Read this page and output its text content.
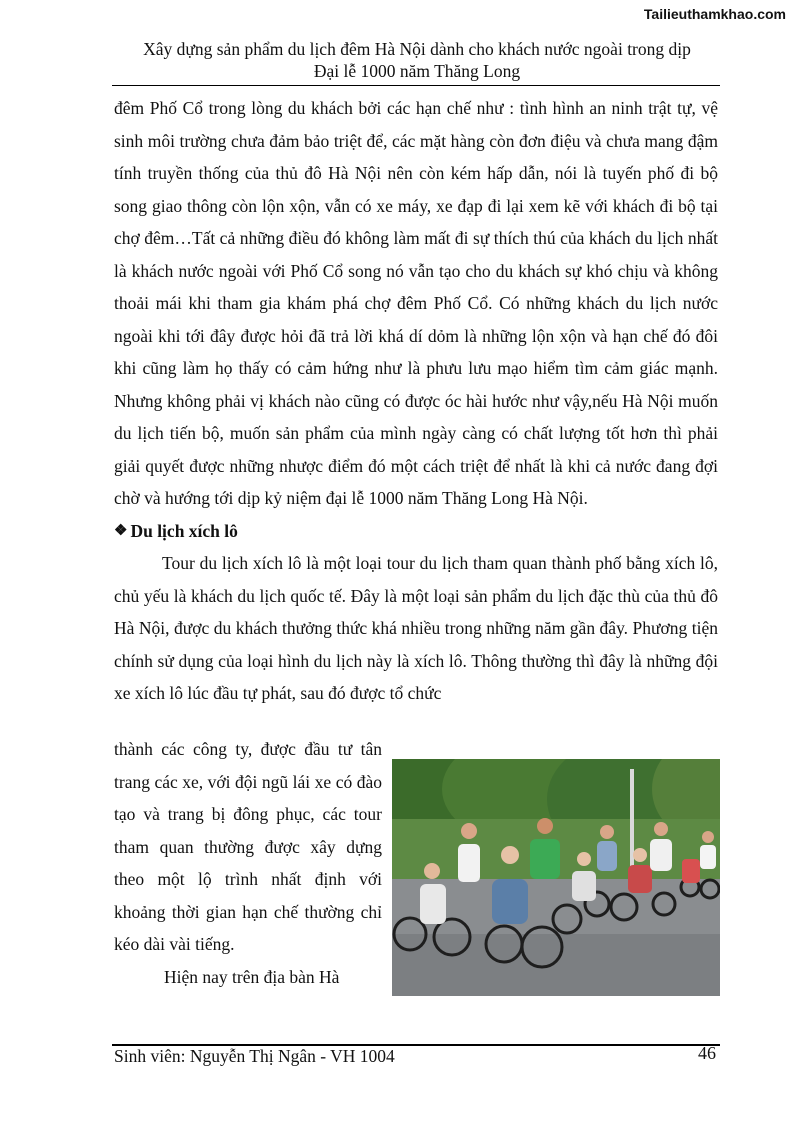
Tailieuthamkhao.com
Xây dựng sản phẩm du lịch đêm Hà Nội dành cho khách nước ngoài trong dịp
Đại lễ 1000 năm Thăng Long

đêm Phố Cổ trong lòng du khách bởi các hạn chế như : tình hình an ninh trật tự, vệ sinh môi trường chưa đảm bảo triệt để, các mặt hàng còn đơn điệu và chưa mang đậm tính truyền thống của thủ đô Hà Nội nên còn kém hấp dẫn, nói là tuyến phố đi bộ song giao thông còn lộn xộn, vẫn có xe máy, xe đạp đi lại xem kẽ với khách đi bộ tại chợ đêm…Tất cả những điều đó không làm mất đi sự thích thú của khách du lịch nhất là khách nước ngoài với Phố Cổ song nó vẫn tạo cho du khách sự khó chịu và không thoải mái khi tham gia khám phá chợ đêm Phố Cổ. Có những khách du lịch nước ngoài khi tới đây được hỏi đã trả lời khá dí dỏm là những lộn xộn và hạn chế đó đôi khi cũng làm họ thấy có cảm hứng như là phưu lưu mạo hiểm tìm cảm giác mạnh. Nhưng không phải vị khách nào cũng có được óc hài hước như vậy,nếu Hà Nội muốn du lịch tiến bộ, muốn sản phẩm của mình ngày càng có chất lượng tốt hơn thì phải giải quyết được những nhược điểm đó một cách triệt để nhất là khi cả nước đang đợi chờ và hướng tới dịp kỷ niệm đại lễ 1000 năm Thăng Long Hà Nội.

❖ Du lịch xích lô

Tour du lịch xích lô là một loại tour du lịch tham quan thành phố bằng xích lô, chủ yếu là khách du lịch quốc tế. Đây là một loại sản phẩm du lịch đặc thù của thủ đô Hà Nội, được du khách thưởng thức khá nhiều trong những năm gần đây. Phương tiện chính sử dụng của loại hình du lịch này là xích lô. Thông thường thì đây là những đội xe xích lô lúc đầu tự phát, sau đó được tổ chức

thành các công ty, được đầu tư tân trang các xe, với đội ngũ lái xe có đào tạo và trang bị đông phục, các tour tham quan thường được xây dựng theo một lộ trình nhất định với khoảng thời gian hạn chế thường chỉ kéo dài vài tiếng.

Hiện nay trên địa bàn Hà

Sinh viên: Nguyễn Thị Ngân - VH 1004	46
